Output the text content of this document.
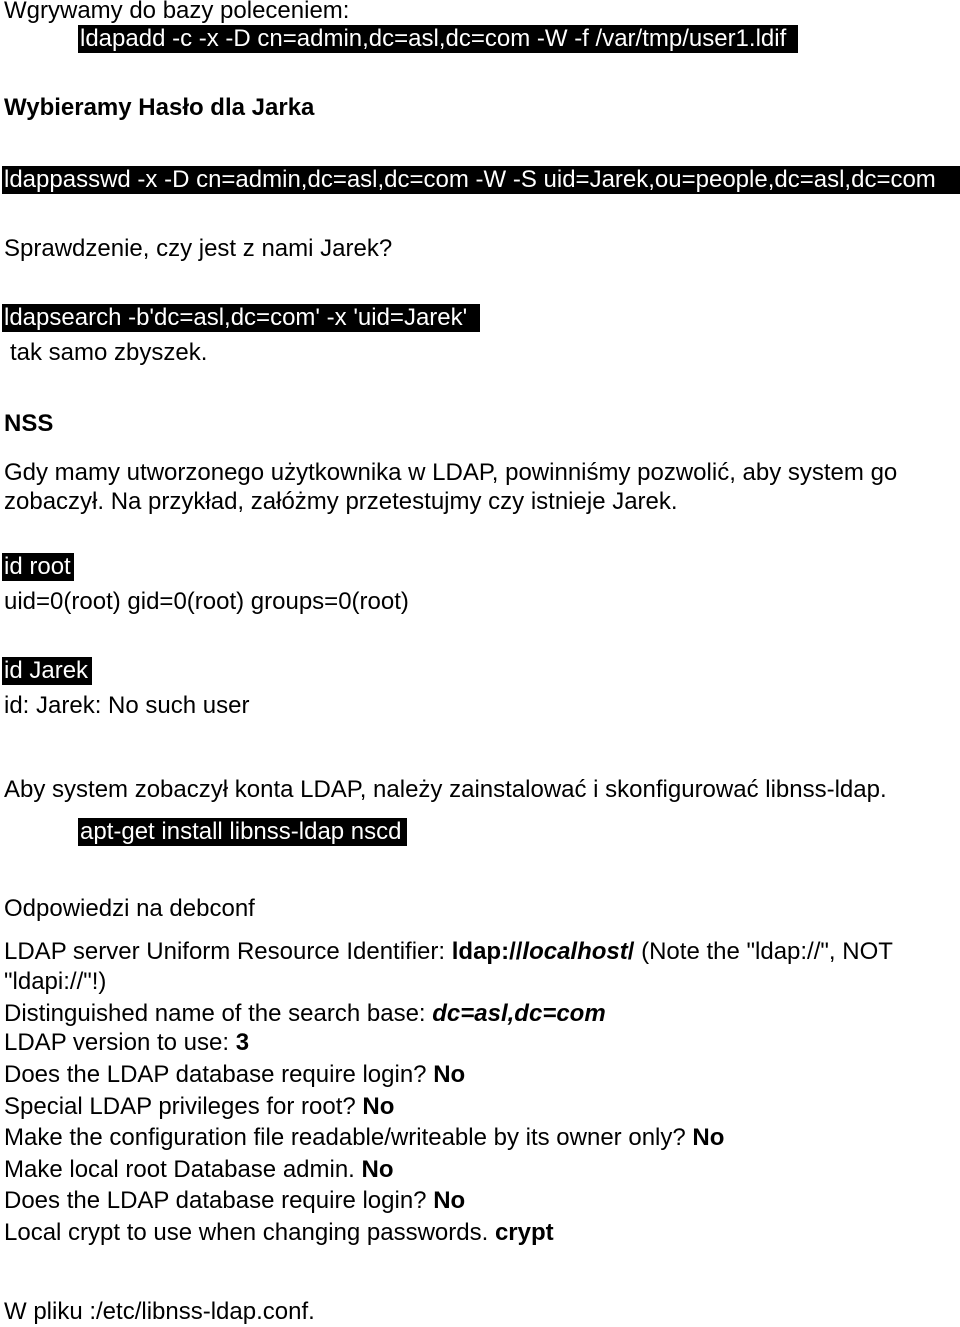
Wgrywamy do bazy poleceniem:
ldapadd -c -x -D cn=admin,dc=asl,dc=com -W -f /var/tmp/user1.ldif
Wybieramy Hasło dla Jarka
ldappasswd -x -D cn=admin,dc=asl,dc=com -W -S uid=Jarek,ou=people,dc=asl,dc=com
Sprawdzenie, czy jest z nami Jarek?
ldapsearch -b'dc=asl,dc=com' -x 'uid=Jarek'
tak samo zbyszek.
NSS
Gdy mamy utworzonego użytkownika w LDAP, powinniśmy pozwolić, aby system go
zobaczył. Na przykład, załóżmy przetestujmy czy istnieje Jarek.
id root
uid=0(root) gid=0(root) groups=0(root)
id Jarek
id: Jarek: No such user
Aby system zobaczył konta LDAP, należy zainstalować i skonfigurować libnss-ldap.
apt-get install libnss-ldap nscd
Odpowiedzi na debconf
LDAP server Uniform Resource Identifier: ldap://localhost/ (Note the "ldap://", NOT
"ldapi://"!)
Distinguished name of the search base: dc=asl,dc=com
LDAP version to use: 3
Does the LDAP database require login? No
Special LDAP privileges for root? No
Make the configuration file readable/writeable by its owner only? No
Make local root Database admin. No
Does the LDAP database require login? No
Local crypt to use when changing passwords. crypt
W pliku :/etc/libnss-ldap.conf.
